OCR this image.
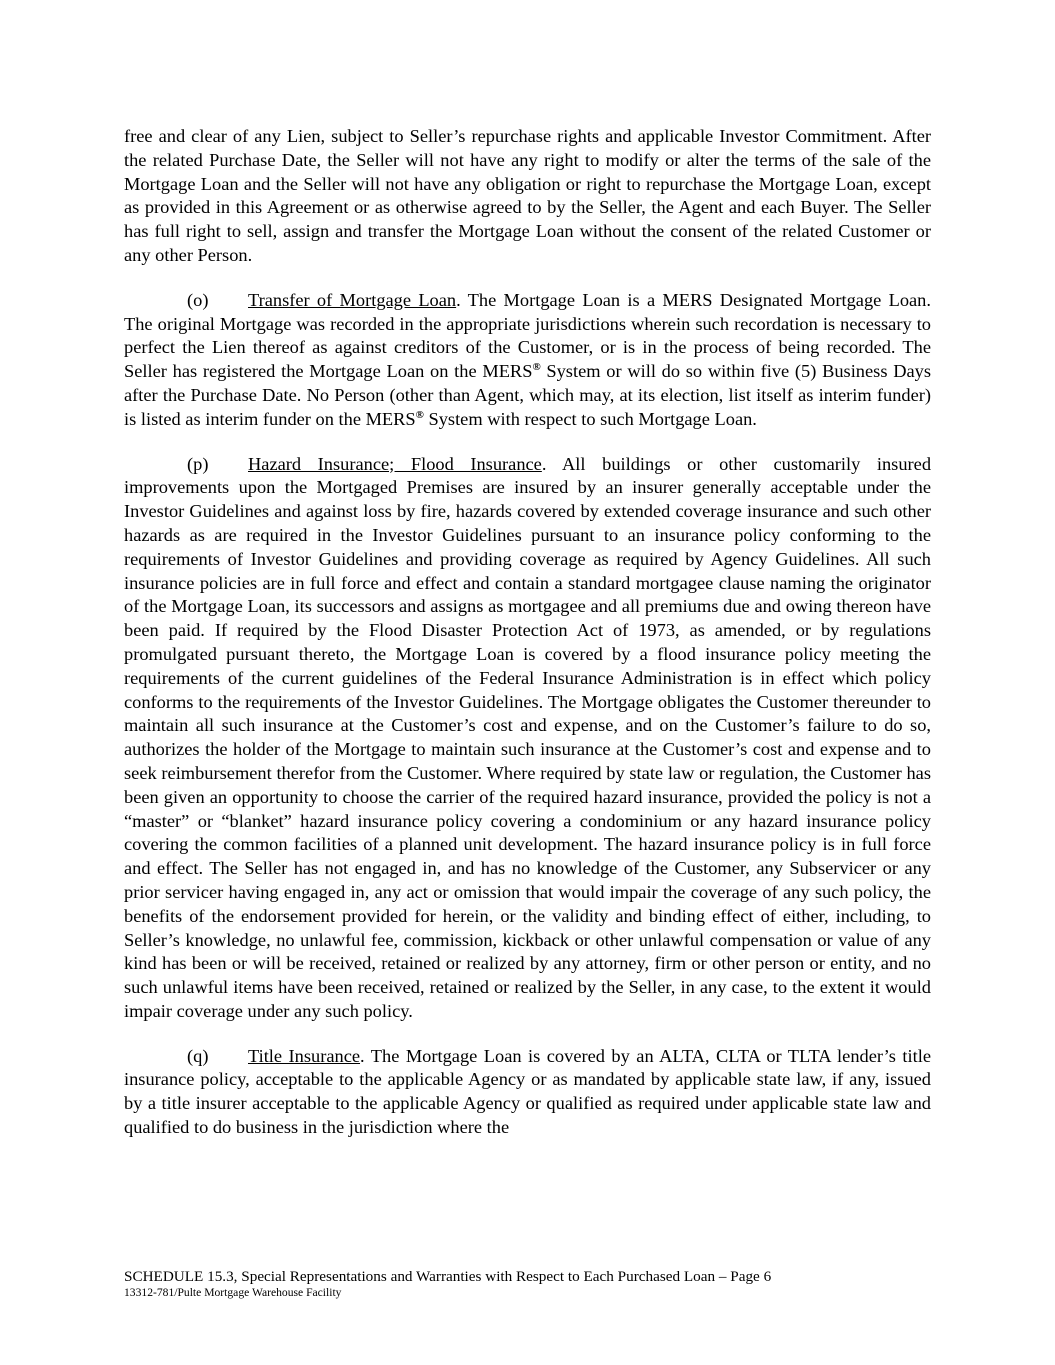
free and clear of any Lien, subject to Seller’s repurchase rights and applicable Investor Commitment. After the related Purchase Date, the Seller will not have any right to modify or alter the terms of the sale of the Mortgage Loan and the Seller will not have any obligation or right to repurchase the Mortgage Loan, except as provided in this Agreement or as otherwise agreed to by the Seller, the Agent and each Buyer. The Seller has full right to sell, assign and transfer the Mortgage Loan without the consent of the related Customer or any other Person.

(o) Transfer of Mortgage Loan. The Mortgage Loan is a MERS Designated Mortgage Loan. The original Mortgage was recorded in the appropriate jurisdictions wherein such recordation is necessary to perfect the Lien thereof as against creditors of the Customer, or is in the process of being recorded. The Seller has registered the Mortgage Loan on the MERS® System or will do so within five (5) Business Days after the Purchase Date. No Person (other than Agent, which may, at its election, list itself as interim funder) is listed as interim funder on the MERS® System with respect to such Mortgage Loan.

(p) Hazard Insurance; Flood Insurance. All buildings or other customarily insured improvements upon the Mortgaged Premises are insured by an insurer generally acceptable under the Investor Guidelines and against loss by fire, hazards covered by extended coverage insurance and such other hazards as are required in the Investor Guidelines pursuant to an insurance policy conforming to the requirements of Investor Guidelines and providing coverage as required by Agency Guidelines. All such insurance policies are in full force and effect and contain a standard mortgagee clause naming the originator of the Mortgage Loan, its successors and assigns as mortgagee and all premiums due and owing thereon have been paid. If required by the Flood Disaster Protection Act of 1973, as amended, or by regulations promulgated pursuant thereto, the Mortgage Loan is covered by a flood insurance policy meeting the requirements of the current guidelines of the Federal Insurance Administration is in effect which policy conforms to the requirements of the Investor Guidelines. The Mortgage obligates the Customer thereunder to maintain all such insurance at the Customer’s cost and expense, and on the Customer’s failure to do so, authorizes the holder of the Mortgage to maintain such insurance at the Customer’s cost and expense and to seek reimbursement therefor from the Customer. Where required by state law or regulation, the Customer has been given an opportunity to choose the carrier of the required hazard insurance, provided the policy is not a “master” or “blanket” hazard insurance policy covering a condominium or any hazard insurance policy covering the common facilities of a planned unit development. The hazard insurance policy is in full force and effect. The Seller has not engaged in, and has no knowledge of the Customer, any Subservicer or any prior servicer having engaged in, any act or omission that would impair the coverage of any such policy, the benefits of the endorsement provided for herein, or the validity and binding effect of either, including, to Seller’s knowledge, no unlawful fee, commission, kickback or other unlawful compensation or value of any kind has been or will be received, retained or realized by any attorney, firm or other person or entity, and no such unlawful items have been received, retained or realized by the Seller, in any case, to the extent it would impair coverage under any such policy.

(q) Title Insurance. The Mortgage Loan is covered by an ALTA, CLTA or TLTA lender’s title insurance policy, acceptable to the applicable Agency or as mandated by applicable state law, if any, issued by a title insurer acceptable to the applicable Agency or qualified as required under applicable state law and qualified to do business in the jurisdiction where the

SCHEDULE 15.3, Special Representations and Warranties with Respect to Each Purchased Loan – Page 6
13312-781/Pulte Mortgage Warehouse Facility
